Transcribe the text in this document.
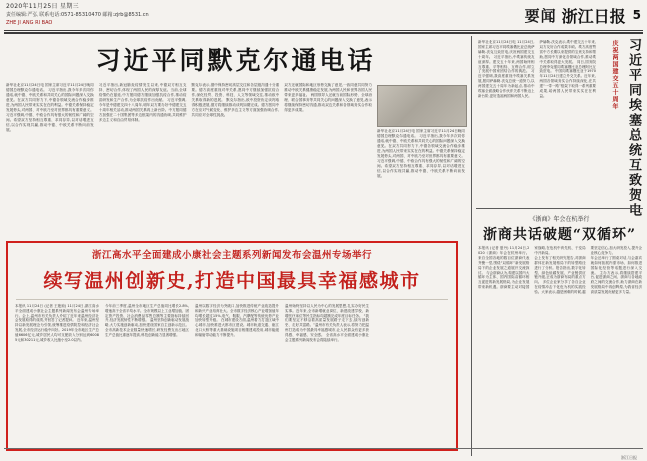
2020年11月25日 星期三
责任编辑:严弘 联系电话:0571-85310470 邮箱:zjrb@8531.cn
ZHE JI ANG RI BAO	要闻 浙江日报 5
习近平同默克尔通电话
新华社北京11月24日电 国家主席习近平11月24日晚同德国总理默克尔通电话。 习近平指出,我今年多次同你通话,就中德、中欧关系和共同关心的国际问题深入交换意见。在双方共同努力下,中德各领域交流合作稳步推进,为两国人民带来实实在在的利益。中德关系保持稳定发展势头,对两国、对中欧乃至对世界都具有重要意义。 习近平强调,中德、中欧合作具有强大的韧性和广阔的空间。希望双方坚持相互尊重、求同存异,以对话增进互信,以合作实现共赢,推动中德、中欧关系不断向前发展。
习近平指出,新冠肺炎疫情发生以来,中德双方相互支持、密切合作,体现了两国人民的深厚友谊。当前,全球疫情仍在蔓延,中方愿同德方继续加强抗疫合作,推动疫苗研发和生产合作,为全球抗疫作出贡献。 习近平强调,今年是中德建交四十八周年,明年双方要办好中德建交五十周年相关活动,推动两国关系再上新台阶。中方愿同德方加强在二十国集团等多边框架内的沟通协调,共同维护多边主义和自由贸易体制。
默克尔表示,德中保持密切高层交往和各层级沟通十分重要。德方高度重视对华关系,愿同中方继续加强抗疫合作,深化经贸、投资、科技、人文等领域交往,推动欧中关系取得新的进展。 默克尔指出,欧中投资协定谈判取得积极进展,德方将继续推动谈判如期完成。德方愿同中方在应对气候变化、维护多边主义等方面加强协调合作,共同应对全球性挑战。
双方还就国际和地区形势交换了意见,一致同意共同努力推动中欧关系健康稳定发展,为两国人民和世界各国人民带来更多福祉。 两国领导人还就当前国际形势、全球治理、联合国事务等共同关心的问题深入交换了意见,表示将继续保持密切沟通,推动双边关系和各领域务实合作取得更多成果。
新华社北京11月24日电 国家主席习近平11月24日晚同德国总理默克尔通电话。 习近平指出,我今年多次同你通话,就中德、中欧关系和共同关心的国际问题深入交换意见。在双方共同努力下,中德各领域交流合作稳步推进,为两国人民带来实实在在的利益。中德关系保持稳定发展势头,对两国、对中欧乃至对世界都具有重要意义。 习近平强调,中德、中欧合作具有强大的韧性和广阔的空间。希望双方坚持相互尊重、求同存异,以对话增进互信,以合作实现共赢,推动中德、中欧关系不断向前发展。
浙江高水平全面建成小康社会主题系列新闻发布会温州专场举行
续写温州创新史,打造中国最具幸福感城市
本报讯 11月24日 (记者 王艳琼) 11月24日,浙江高水平全面建成小康社会主题系列新闻发布会温州专场举行。会上,温州市有关负责人介绍了近年来温州经济社会发展取得的成绩,并回答了记者提问。 近年来,温州坚持以新发展理念为引领,统筹推进疫情防控和经济社会发展,全市经济运行稳中向好。2019年全市地区生产总值6606亿元,城乡居民人均可支配收入分别达到60085元和30211元,城乡收入比缩小至2.0以内。
今年前三季度,温州全市地区生产总值同比增长2.8%,增速高于全省平均水平。全市规模以上工业增加值、固定资产投资、社会消费品零售总额等主要指标持续回升,经济发展韧性不断增强。 温州坚持创新驱动发展战略,大力实施创新驱动,加快建设国家自主创新示范区。全市高新技术企业数量快速增长,研发经费支出占地区生产总值比重逐年提高,科技创新能力显著增强。
温州以数字经济为突破口,加快推进传统产业改造提升和新兴产业培育壮大。全市数字经济核心产业增加值年均增长超过15%,电气、鞋服、汽摩配等传统优势产业加快转型升级。 在城市建设方面,温州着力打造区域中心城市,加快推进大都市区建设。城市轨道交通、瓯江北口大桥等重大基础设施项目相继建成投用,城市能级和辐射带动能力不断提升。
温州始终坚持以人民为中心的发展思想,扎实办好民生实事。近年来,全市新增就业岗位、新建改建学校、新增医疗床位等民生指标均超额完成年度目标任务。 “我们要坚定不移沿着高质量发展路子走下去,续写创新史、走好共富路。”温州市有关负责人表示,将努力把温州打造成为中国最具幸福感城市,让人民群众有更多获得感、幸福感、安全感。 全省高水平全面建成小康社会主题系列新闻发布会将陆续举行。
新华社北京11月24日电 11月24日,国家主席习近平同埃塞俄比亚总统萨赫勒-沃克互致贺电,庆祝两国建交五十周年。 习近平指出,中埃塞传统友谊深厚。建交五十年来,两国始终相互尊重、平等相待、互利合作,树立了发展中国家团结合作的典范。 习近平强调,我高度重视中埃塞关系发展,愿同萨赫勒-沃克总统一道努力,以两国建交五十周年为新起点,推动中埃塞全面战略合作伙伴关系不断迈上新台阶,更好造福两国和两国人民。
萨赫勒-沃克表示,埃中建交五十年来,双方友好合作成果丰硕。埃方高度赞赏中方长期以来提供的宝贵支持和帮助,愿同中方深化各领域合作,推动埃中关系取得更大发展。 同日,国务院总理李克强同埃塞俄比亚总理阿比互致贺电。 中国同埃塞俄比亚于1970年11月24日建立外交关系。近年来,两国各领域务实合作持续深化,在共建“一带一路”框架下取得一系列重要成果,给两国人民带来实实在在利益。	庆祝两国建交五十周年 习近平同埃塞总统互致贺电
《浙商》年会在杭举行
浙商共话破题“双循环”
本报讯 (记者 夏丹) 11月24日,2020《浙商》年会在杭州举行。来自全国各地的数百位浙商代表齐聚一堂,围绕“双循环”新发展格局下的企业发展之道展开交流探讨。 与会浙商认为,构建以国内大循环为主体、国内国际双循环相互促进的新发展格局,为企业发展带来新机遇。浙商要主动对接国家战略,在危机中育先机、于变局中开新局。
会上发布了相关研究报告,对浙商群体在新发展格局下的转型路径进行了分析。报告指出,数字化转型、绿色低碳发展、产业链供应链升级,正成为浙商布局的重点方向。 多位企业家分享了各自企业在疫情冲击下化危为机的实践经验。大家表示,越是困难的时候,越要坚定信心,加大研发投入,提升企业核心竞争力。
年会还举行了圆桌对话,与会嘉宾就如何拓展内需市场、如何推进国际化经营等话题进行深入交流。 主办方表示,将继续搭建平台,促进浙商之间、浙商与各地政府之间的交流合作,助力浙商在新发展格局中再创辉煌,为我省经济高质量发展贡献更多力量。
浙江日报
